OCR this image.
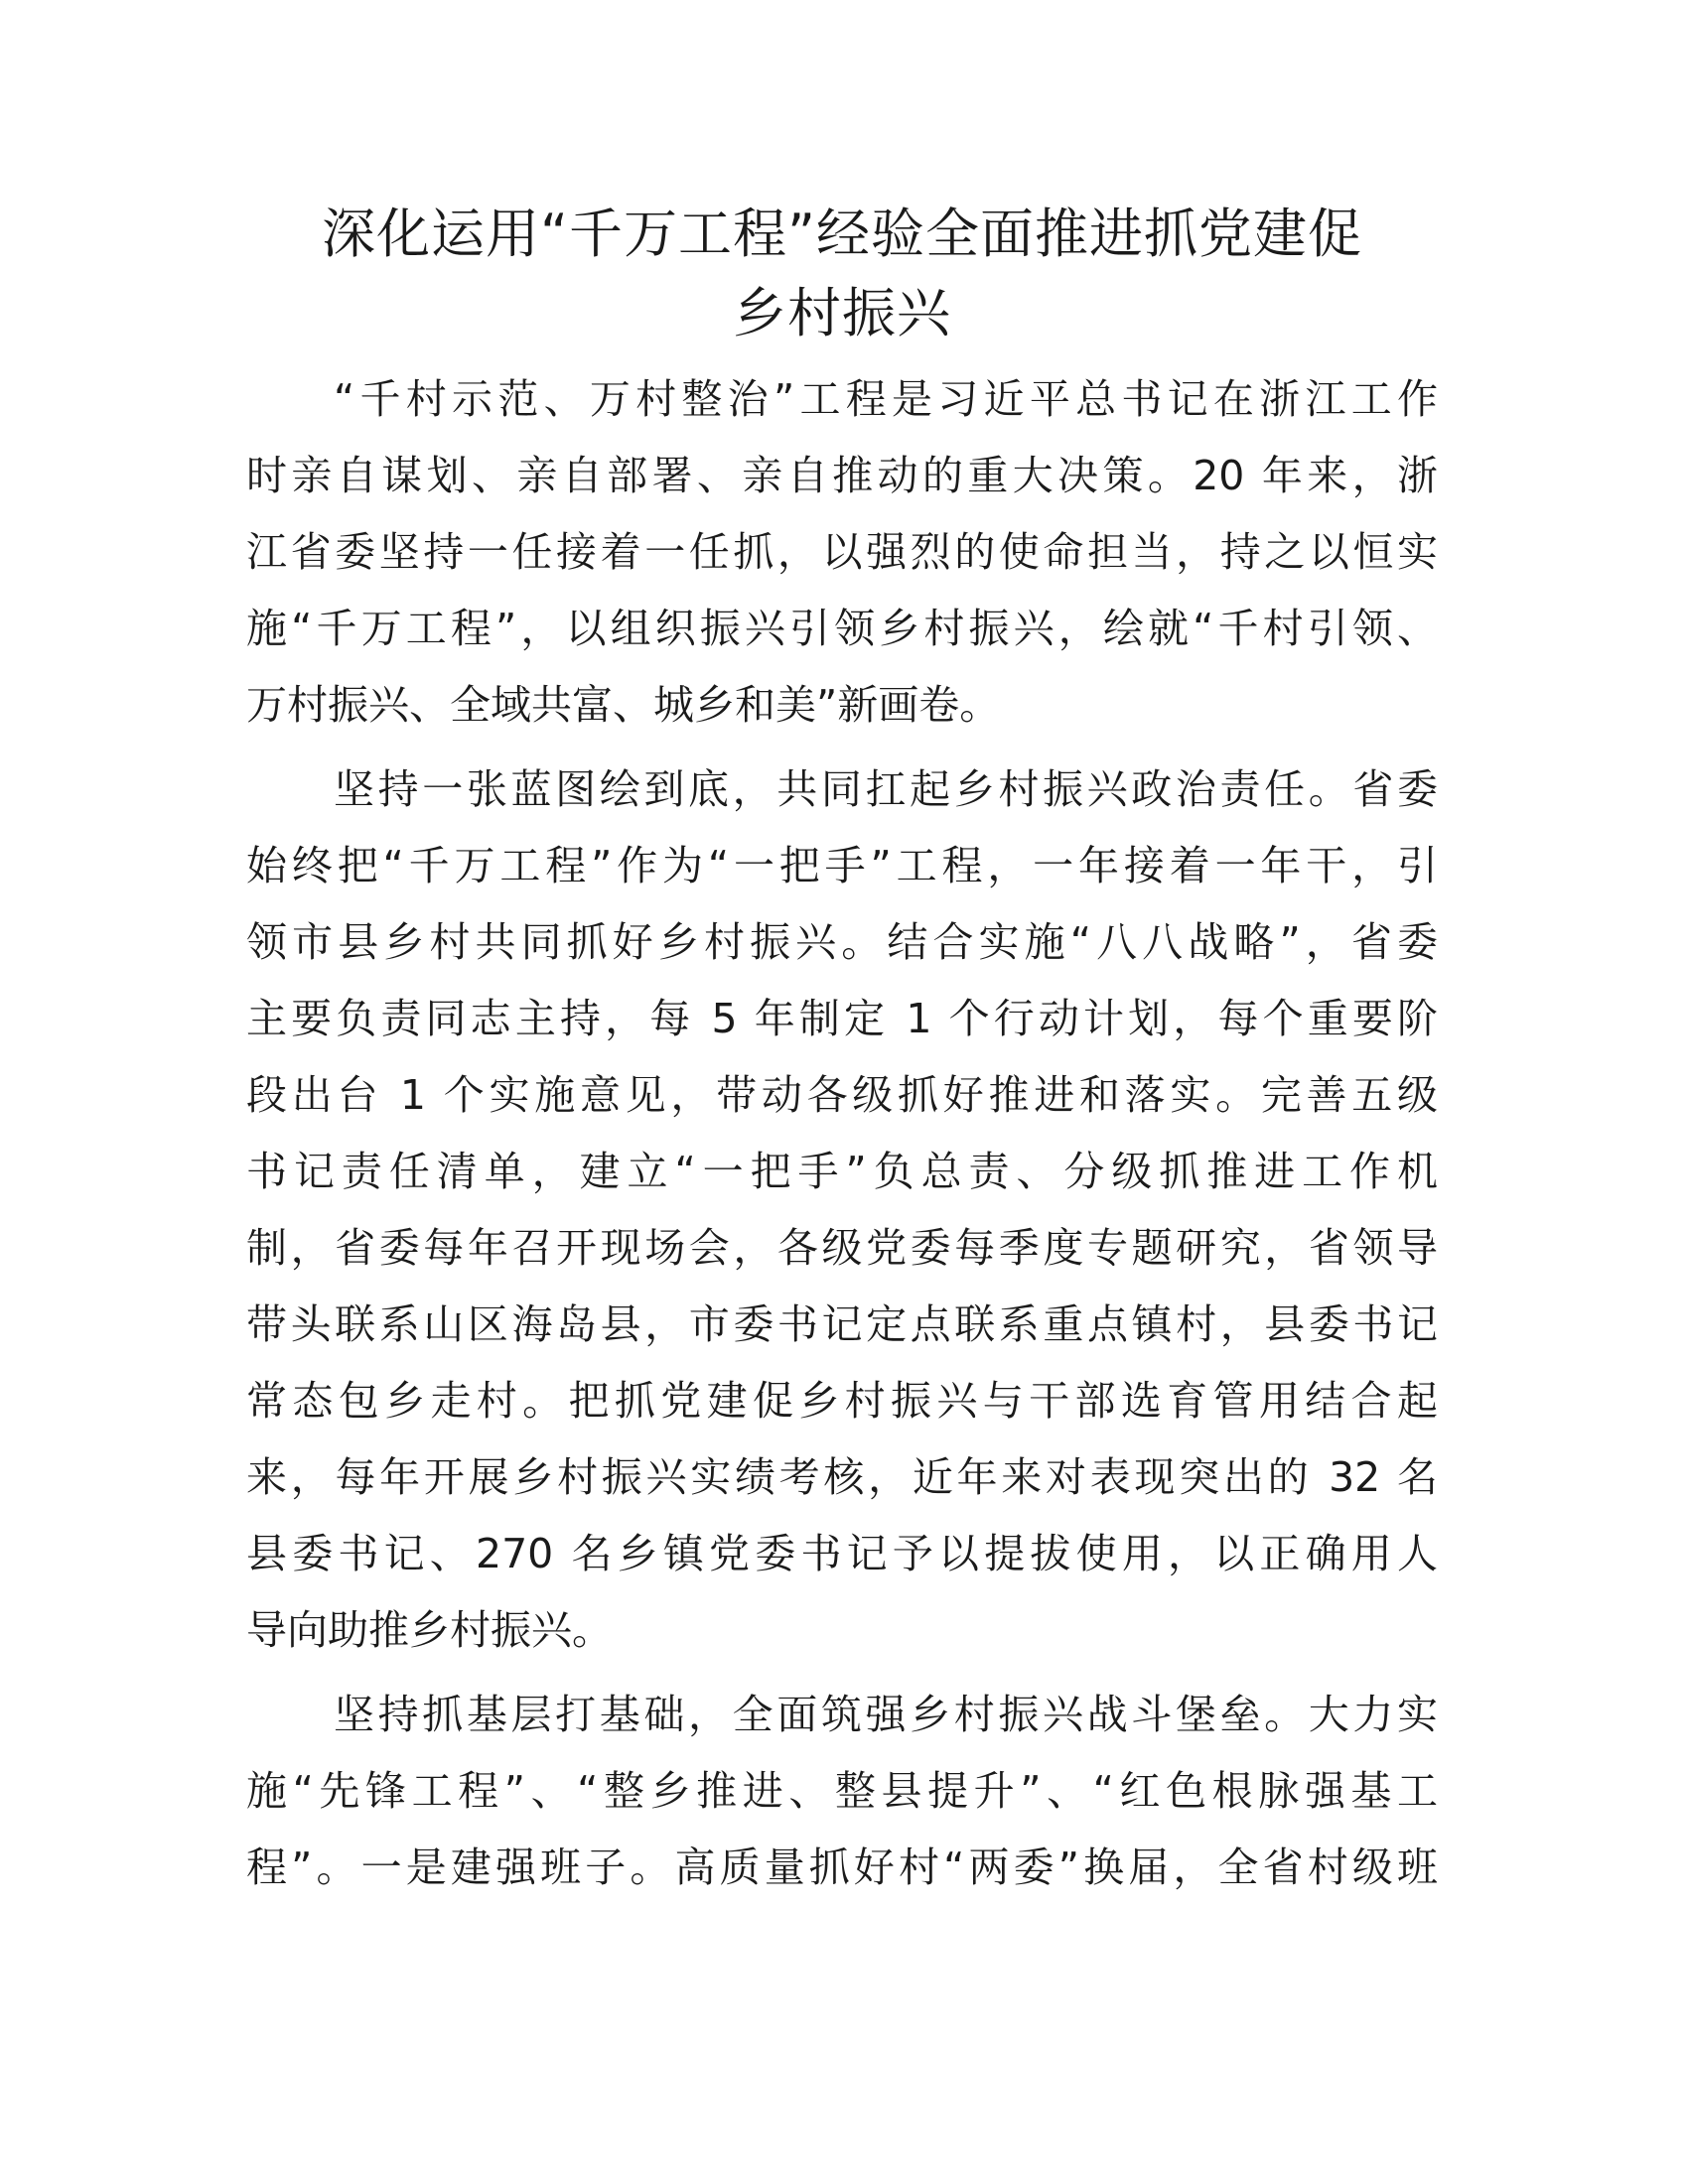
深化运用“千万工程”经验全面推进抓党建促
乡村振兴
“千村示范、万村整治”工程是习近平总书记在浙江工作
时亲自谋划、亲自部署、亲自推动的重大决策。20 年来，浙
江省委坚持一任接着一任抓，以强烈的使命担当，持之以恒实
施“千万工程”，以组织振兴引领乡村振兴，绘就“千村引领、
万村振兴、全域共富、城乡和美”新画卷。
坚持一张蓝图绘到底，共同扛起乡村振兴政治责任。省委
始终把“千万工程”作为“一把手”工程，一年接着一年干，引
领市县乡村共同抓好乡村振兴。结合实施“八八战略”，省委
主要负责同志主持，每 5 年制定 1 个行动计划，每个重要阶
段出台 1 个实施意见，带动各级抓好推进和落实。完善五级
书记责任清单，建立“一把手”负总责、分级抓推进工作机
制，省委每年召开现场会，各级党委每季度专题研究，省领导
带头联系山区海岛县，市委书记定点联系重点镇村，县委书记
常态包乡走村。把抓党建促乡村振兴与干部选育管用结合起
来，每年开展乡村振兴实绩考核，近年来对表现突出的 32 名
县委书记、270 名乡镇党委书记予以提拔使用，以正确用人
导向助推乡村振兴。
坚持抓基层打基础，全面筑强乡村振兴战斗堡垒。大力实
施“先锋工程”、“整乡推进、整县提升”、“红色根脉强基工
程”。一是建强班子。高质量抓好村“两委”换届，全省村级班
